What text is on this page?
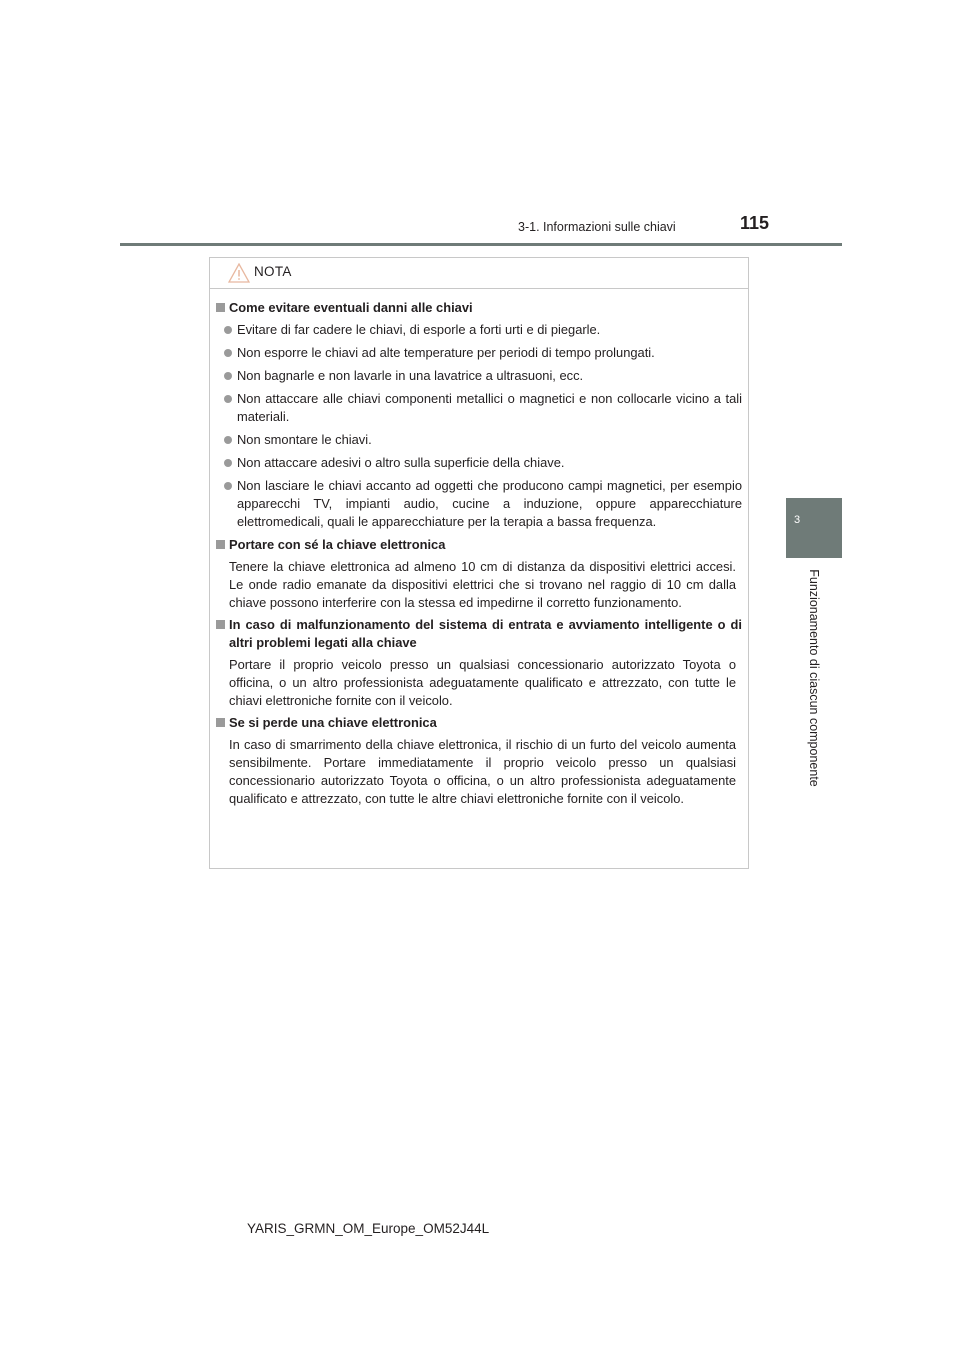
3-1. Informazioni sulle chiavi	115
3
Funzionamento di ciascun componente
NOTA
Come evitare eventuali danni alle chiavi
Evitare di far cadere le chiavi, di esporle a forti urti e di piegarle.
Non esporre le chiavi ad alte temperature per periodi di tempo prolungati.
Non bagnarle e non lavarle in una lavatrice a ultrasuoni, ecc.
Non attaccare alle chiavi componenti metallici o magnetici e non collocarle vicino a tali materiali.
Non smontare le chiavi.
Non attaccare adesivi o altro sulla superficie della chiave.
Non lasciare le chiavi accanto ad oggetti che producono campi magnetici, per esempio apparecchi TV, impianti audio, cucine a induzione, oppure apparecchiature elettromedicali, quali le apparecchiature per la terapia a bassa frequenza.
Portare con sé la chiave elettronica
Tenere la chiave elettronica ad almeno 10 cm di distanza da dispositivi elettrici accesi. Le onde radio emanate da dispositivi elettrici che si trovano nel raggio di 10 cm dalla chiave possono interferire con la stessa ed impedirne il corretto funzionamento.
In caso di malfunzionamento del sistema di entrata e avviamento intelligente o di altri problemi legati alla chiave
Portare il proprio veicolo presso un qualsiasi concessionario autorizzato Toyota o officina, o un altro professionista adeguatamente qualificato e attrezzato, con tutte le chiavi elettroniche fornite con il veicolo.
Se si perde una chiave elettronica
In caso di smarrimento della chiave elettronica, il rischio di un furto del veicolo aumenta sensibilmente. Portare immediatamente il proprio veicolo presso un qualsiasi concessionario autorizzato Toyota o officina, o un altro professionista adeguatamente qualificato e attrezzato, con tutte le altre chiavi elettroniche fornite con il veicolo.
YARIS_GRMN_OM_Europe_OM52J44L
